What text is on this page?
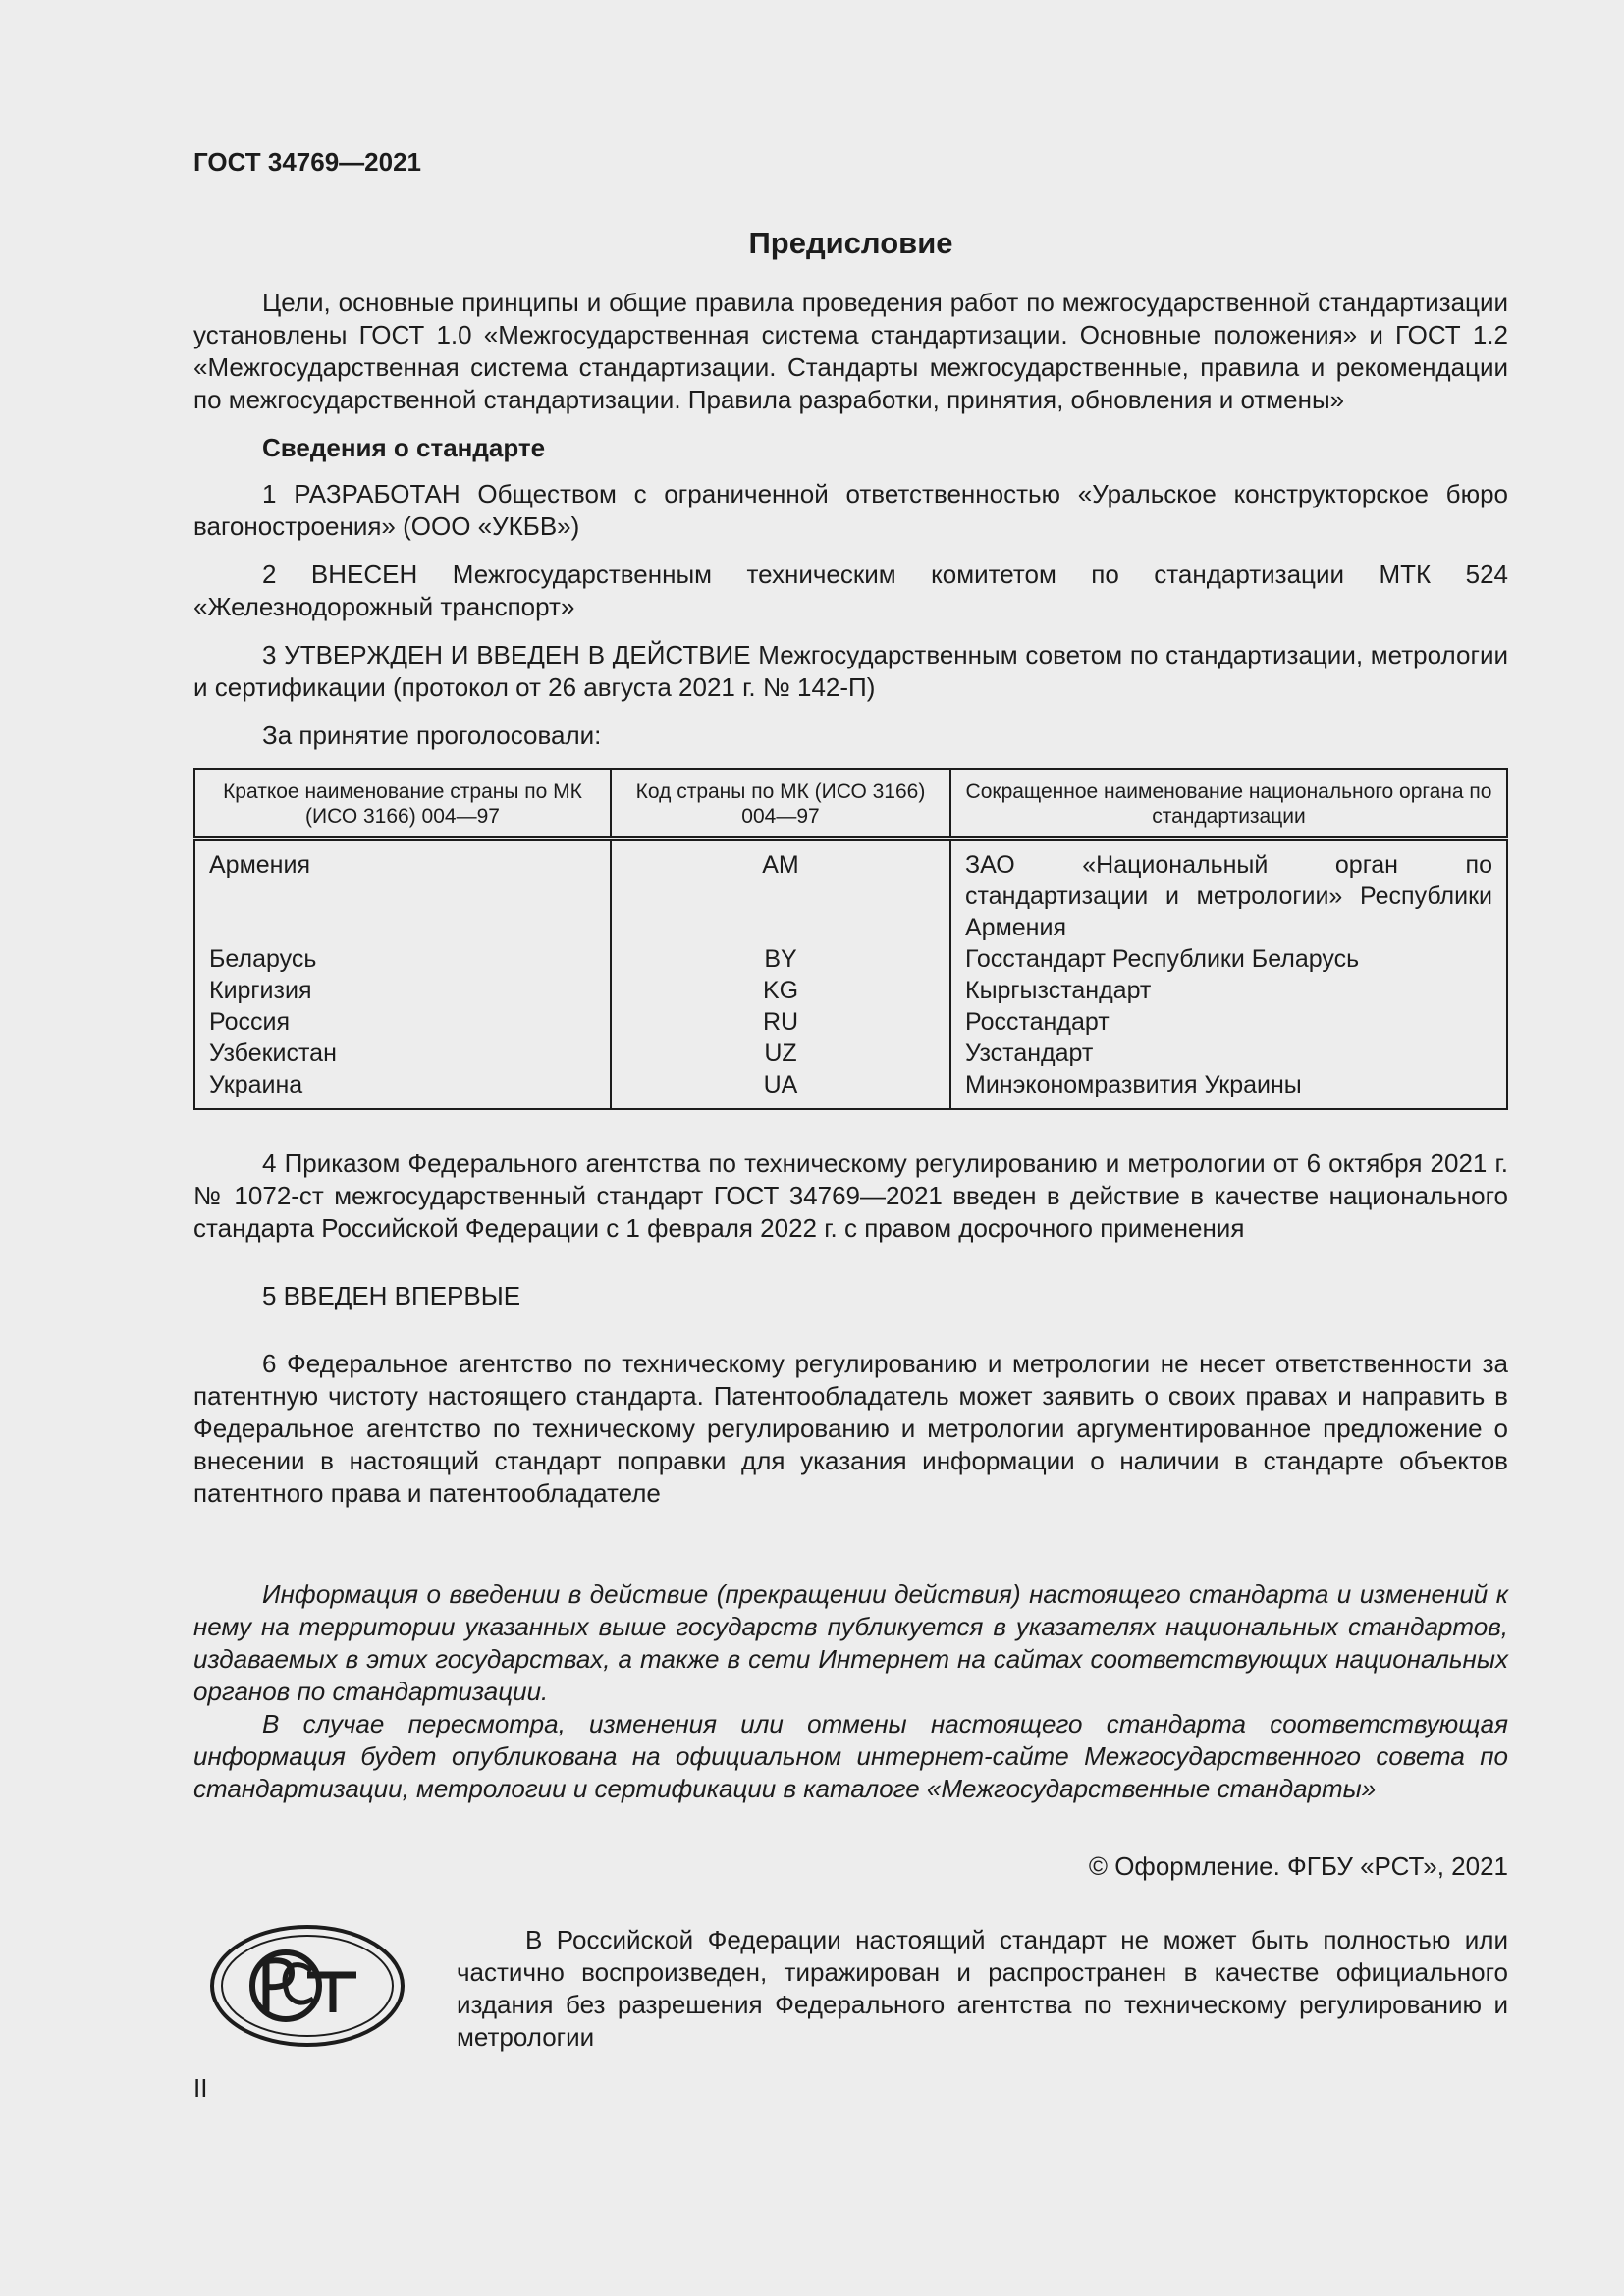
ГОСТ 34769—2021
Предисловие

Цели, основные принципы и общие правила проведения работ по межгосударственной стандартизации установлены ГОСТ 1.0 «Межгосударственная система стандартизации. Основные положения» и ГОСТ 1.2 «Межгосударственная система стандартизации. Стандарты межгосударственные, правила и рекомендации по межгосударственной стандартизации. Правила разработки, принятия, обновления и отмены»

Сведения о стандарте

1 РАЗРАБОТАН Обществом с ограниченной ответственностью «Уральское конструкторское бюро вагоностроения» (ООО «УКБВ»)

2 ВНЕСЕН Межгосударственным техническим комитетом по стандартизации МТК 524 «Железнодорожный транспорт»

3 УТВЕРЖДЕН И ВВЕДЕН В ДЕЙСТВИЕ Межгосударственным советом по стандартизации, метрологии и сертификации (протокол от 26 августа 2021 г. № 142-П)

За принятие проголосовали:

Краткое наименование страны по МК (ИСО 3166) 004—97	Код страны по МК (ИСО 3166) 004—97	Сокращенное наименование национального органа по стандартизации
Армения	AM	ЗАО «Национальный орган по стандартизации и метрологии» Республики Армения
Беларусь	BY	Госстандарт Республики Беларусь
Киргизия	KG	Кыргызстандарт
Россия	RU	Росстандарт
Узбекистан	UZ	Узстандарт
Украина	UA	Минэкономразвития Украины

4 Приказом Федерального агентства по техническому регулированию и метрологии от 6 октября 2021 г. № 1072-ст межгосударственный стандарт ГОСТ 34769—2021 введен в действие в качестве национального стандарта Российской Федерации с 1 февраля 2022 г. с правом досрочного применения

5 ВВЕДЕН ВПЕРВЫЕ

6 Федеральное агентство по техническому регулированию и метрологии не несет ответственности за патентную чистоту настоящего стандарта. Патентообладатель может заявить о своих правах и направить в Федеральное агентство по техническому регулированию и метрологии аргументированное предложение о внесении в настоящий стандарт поправки для указания информации о наличии в стандарте объектов патентного права и патентообладателе

Информация о введении в действие (прекращении действия) настоящего стандарта и изменений к нему на территории указанных выше государств публикуется в указателях национальных стандартов, издаваемых в этих государствах, а также в сети Интернет на сайтах соответствующих национальных органов по стандартизации.

В случае пересмотра, изменения или отмены настоящего стандарта соответствующая информация будет опубликована на официальном интернет-сайте Межгосударственного совета по стандартизации, метрологии и сертификации в каталоге «Межгосударственные стандарты»

© Оформление. ФГБУ «РСТ», 2021
В Российской Федерации настоящий стандарт не может быть полностью или частично воспроизведен, тиражирован и распространен в качестве официального издания без разрешения Федерального агентства по техническому регулированию и метрологии
II
